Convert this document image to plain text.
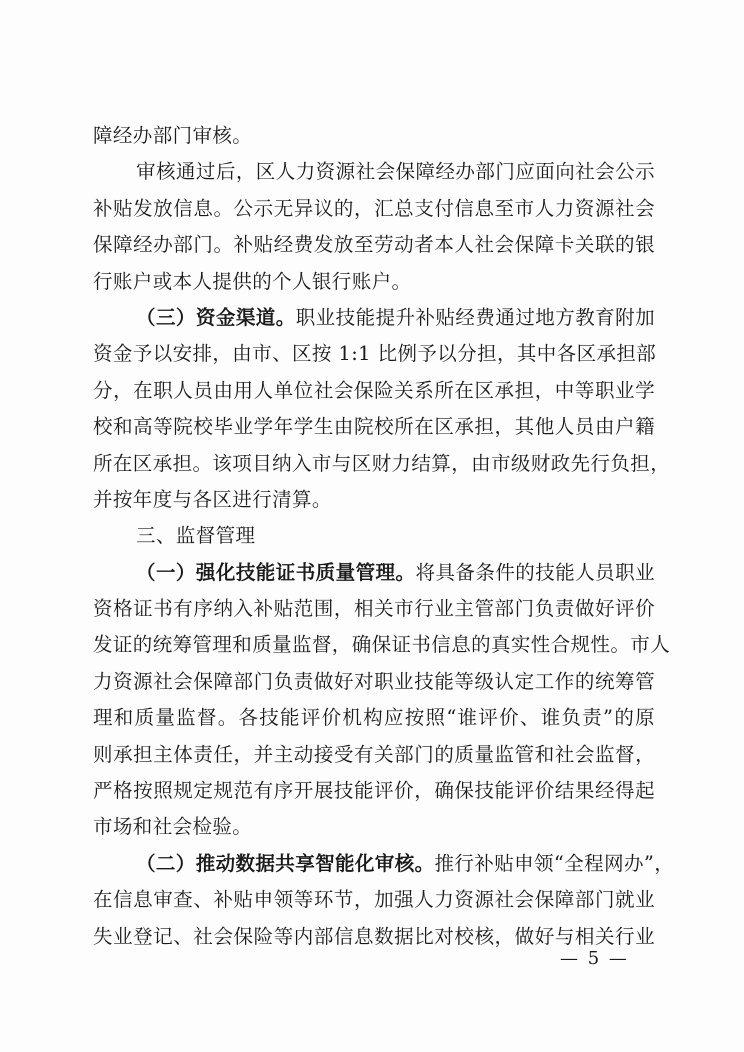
障经办部门审核。
审核通过后，区人力资源社会保障经办部门应面向社会公示
补贴发放信息。公示无异议的，汇总支付信息至市人力资源社会
保障经办部门。补贴经费发放至劳动者本人社会保障卡关联的银
行账户或本人提供的个人银行账户。
（三）资金渠道。职业技能提升补贴经费通过地方教育附加
资金予以安排，由市、区按 1:1 比例予以分担，其中各区承担部
分，在职人员由用人单位社会保险关系所在区承担，中等职业学
校和高等院校毕业学年学生由院校所在区承担，其他人员由户籍
所在区承担。该项目纳入市与区财力结算，由市级财政先行负担，
并按年度与各区进行清算。
三、监督管理
（一）强化技能证书质量管理。将具备条件的技能人员职业
资格证书有序纳入补贴范围，相关市行业主管部门负责做好评价
发证的统筹管理和质量监督，确保证书信息的真实性合规性。市人
力资源社会保障部门负责做好对职业技能等级认定工作的统筹管
理和质量监督。各技能评价机构应按照“谁评价、谁负责”的原
则承担主体责任，并主动接受有关部门的质量监管和社会监督，
严格按照规定规范有序开展技能评价，确保技能评价结果经得起
市场和社会检验。
（二）推动数据共享智能化审核。推行补贴申领“全程网办”，
在信息审查、补贴申领等环节，加强人力资源社会保障部门就业
失业登记、社会保险等内部信息数据比对校核，做好与相关行业
— 5 —
